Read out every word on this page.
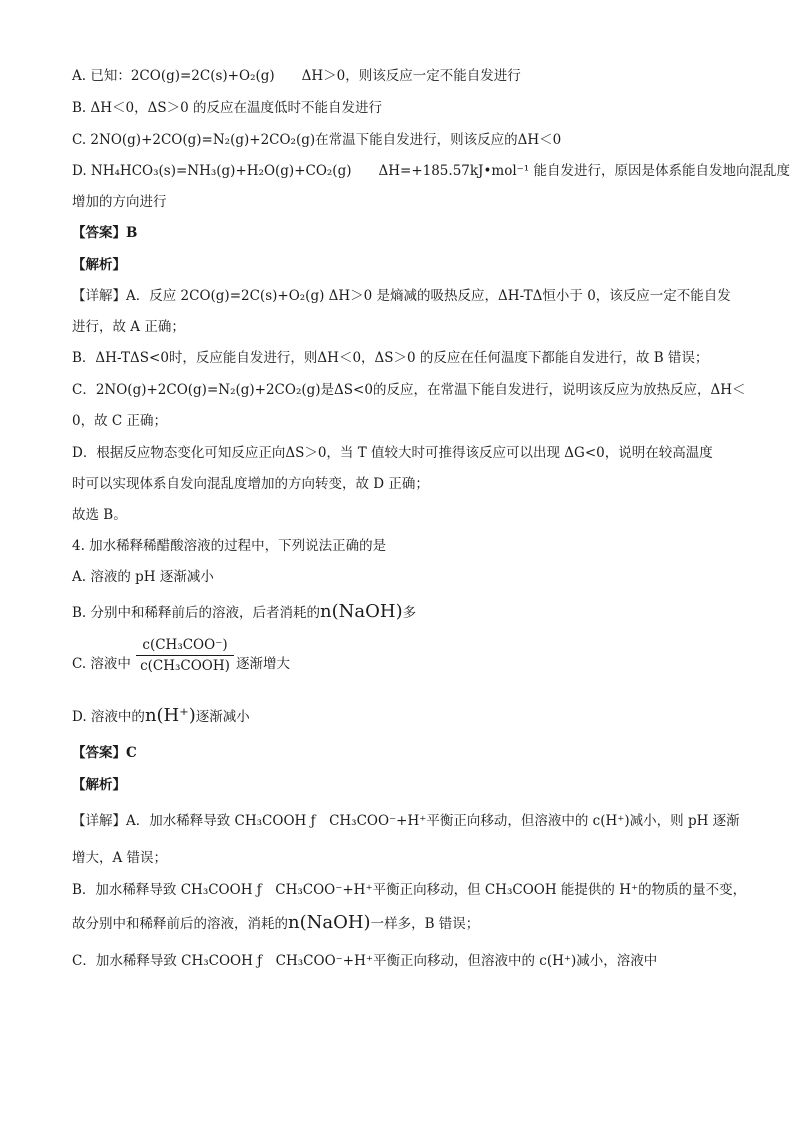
A. 已知：2CO(g)=2C(s)+O₂(g)　　ΔH＞0，则该反应一定不能自发进行
B. ΔH＜0，ΔS＞0 的反应在温度低时不能自发进行
C. 2NO(g)+2CO(g)=N₂(g)+2CO₂(g)在常温下能自发进行，则该反应的ΔH＜0
D. NH₄HCO₃(s)=NH₃(g)+H₂O(g)+CO₂(g)　　ΔH=+185.57kJ•mol⁻¹ 能自发进行，原因是体系能自发地向混乱度
增加的方向进行
【答案】B
【解析】
【详解】A．反应 2CO(g)=2C(s)+O₂(g) ΔH＞0 是熵减的吸热反应，ΔH-TΔ恒小于 0，该反应一定不能自发
进行，故 A 正确；
B．ΔH-TΔS<0时，反应能自发进行，则ΔH＜0，ΔS＞0 的反应在任何温度下都能自发进行，故 B 错误；
C．2NO(g)+2CO(g)=N₂(g)+2CO₂(g)是ΔS<0的反应，在常温下能自发进行，说明该反应为放热反应，ΔH＜
0，故 C 正确；
D．根据反应物态变化可知反应正向ΔS＞0，当 T 值较大时可推得该反应可以出现 ΔG<0，说明在较高温度
时可以实现体系自发向混乱度增加的方向转变，故 D 正确；
故选 B。
4. 加水稀释稀醋酸溶液的过程中，下列说法正确的是
A. 溶液的 pH 逐渐减小
B. 分别中和稀释前后的溶液，后者消耗的n(NaOH)多
C. 溶液中
c(CH₃COO⁻)
c(CH₃COOH) 逐渐增大
D. 溶液中的n(H⁺)逐渐减小
【答案】C
【解析】
【详解】A．加水稀释导致 CH₃COOH ƒ　CH₃COO⁻+H⁺平衡正向移动，但溶液中的 c(H⁺)减小，则 pH 逐渐
增大，A 错误；
B．加水稀释导致 CH₃COOH ƒ　CH₃COO⁻+H⁺平衡正向移动，但 CH₃COOH 能提供的 H⁺的物质的量不变，
故分别中和稀释前后的溶液，消耗的n(NaOH)一样多，B 错误；
C．加水稀释导致 CH₃COOH ƒ　CH₃COO⁻+H⁺平衡正向移动，但溶液中的 c(H⁺)减小，溶液中
